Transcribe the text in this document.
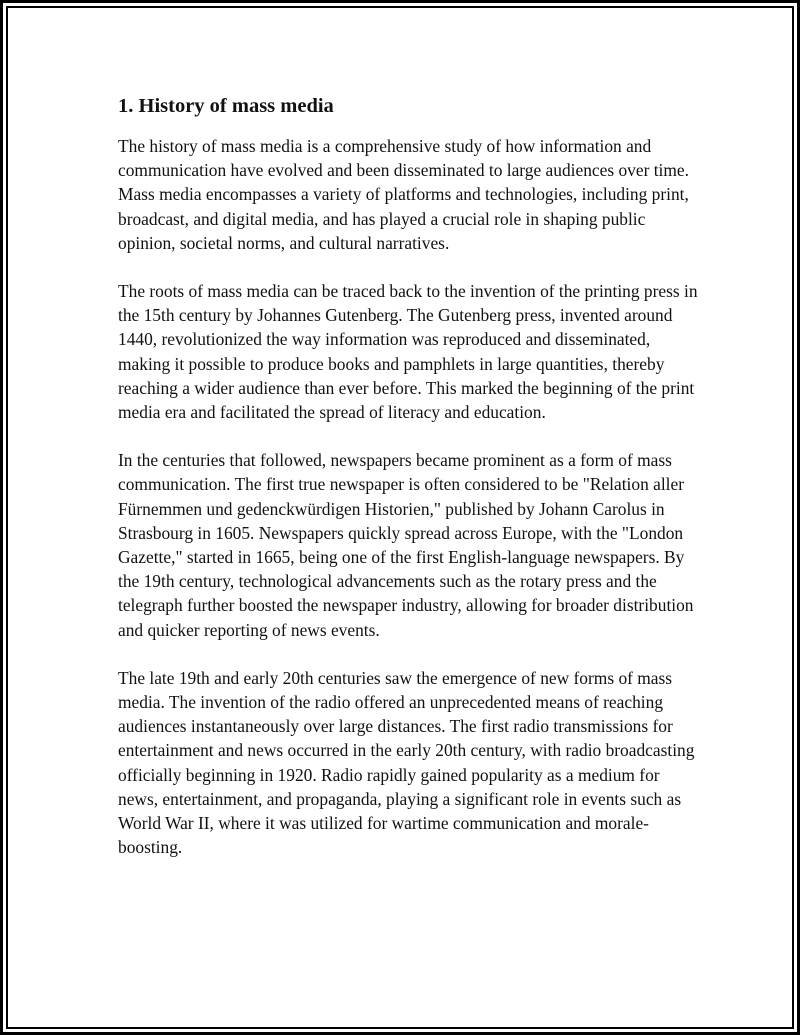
1. History of mass media

The history of mass media is a comprehensive study of how information and communication have evolved and been disseminated to large audiences over time. Mass media encompasses a variety of platforms and technologies, including print, broadcast, and digital media, and has played a crucial role in shaping public opinion, societal norms, and cultural narratives.

The roots of mass media can be traced back to the invention of the printing press in the 15th century by Johannes Gutenberg. The Gutenberg press, invented around 1440, revolutionized the way information was reproduced and disseminated, making it possible to produce books and pamphlets in large quantities, thereby reaching a wider audience than ever before. This marked the beginning of the print media era and facilitated the spread of literacy and education.

In the centuries that followed, newspapers became prominent as a form of mass communication. The first true newspaper is often considered to be "Relation aller Fürnemmen und gedenckwürdigen Historien," published by Johann Carolus in Strasbourg in 1605. Newspapers quickly spread across Europe, with the "London Gazette," started in 1665, being one of the first English-language newspapers. By the 19th century, technological advancements such as the rotary press and the telegraph further boosted the newspaper industry, allowing for broader distribution and quicker reporting of news events.

The late 19th and early 20th centuries saw the emergence of new forms of mass media. The invention of the radio offered an unprecedented means of reaching audiences instantaneously over large distances. The first radio transmissions for entertainment and news occurred in the early 20th century, with radio broadcasting officially beginning in 1920. Radio rapidly gained popularity as a medium for news, entertainment, and propaganda, playing a significant role in events such as World War II, where it was utilized for wartime communication and morale-boosting.
